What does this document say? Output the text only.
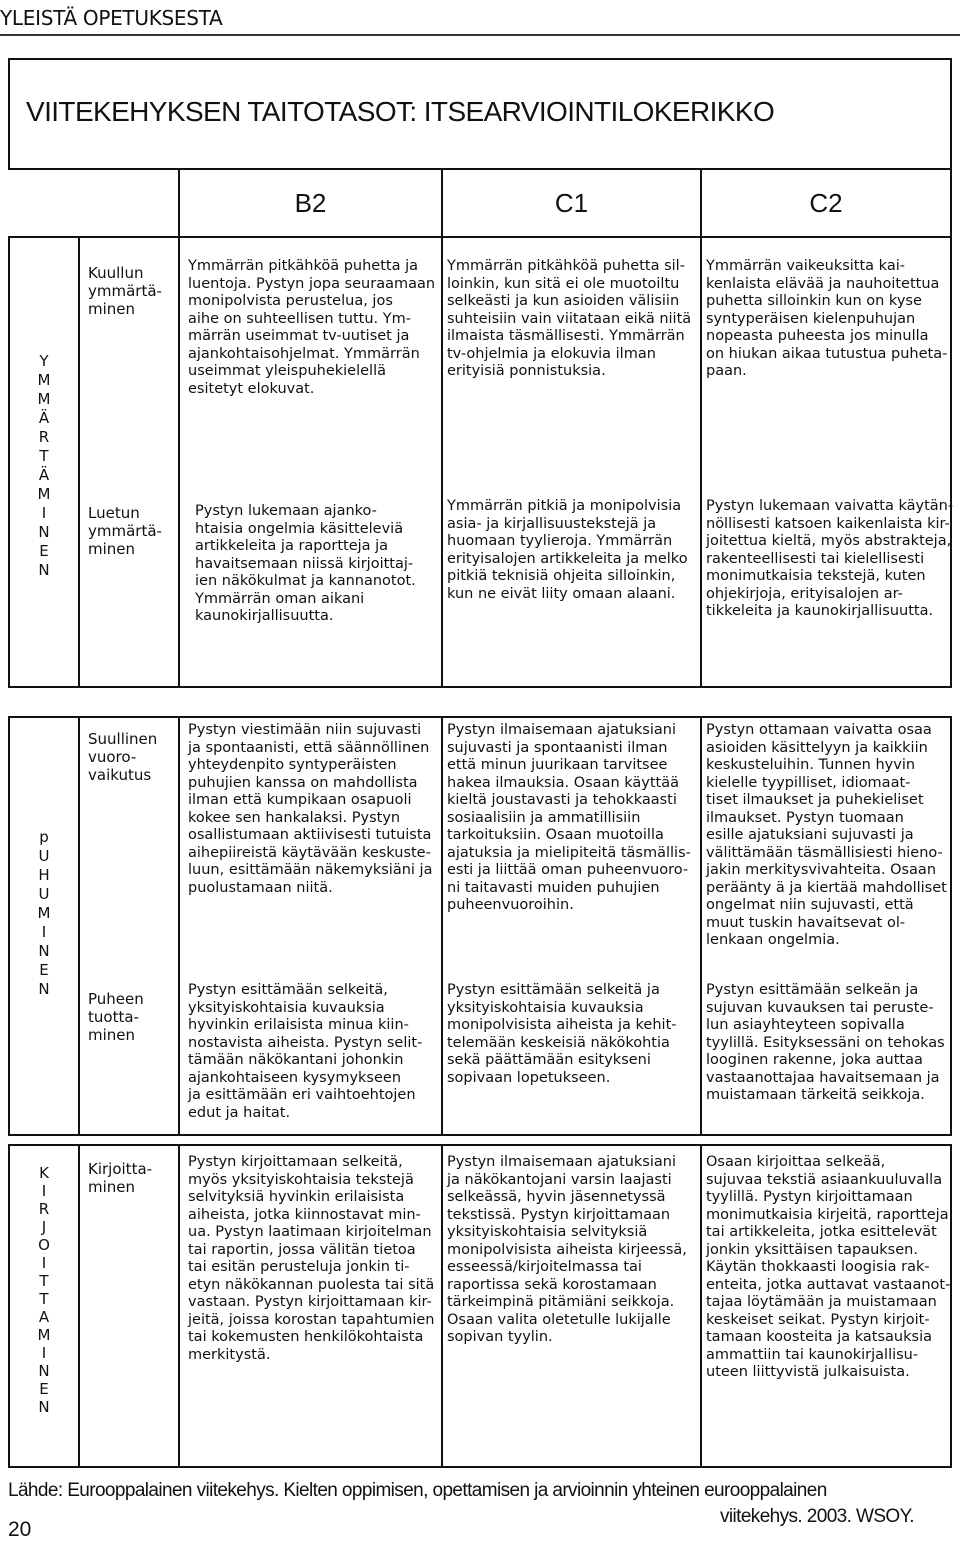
YLEISTÄ OPETUKSESTA
VIITEKEHYKSEN TAITOTASOT: ITSEARVIOINTILOKERIKKO
B2	C1	C2
Y
M
M
Ä
R
T
Ä
M
I
N
E
N
Kuullun
ymmärtä-
minen
Luetun
ymmärtä-
minen
Ymmärrän pitkähköä puhetta ja
luentoja. Pystyn jopa seuraamaan
monipolvista perustelua, jos
aihe on suhteellisen tuttu. Ym-
märrän useimmat tv-uutiset ja
ajankohtaisohjelmat. Ymmärrän
useimmat yleispuhekielellä
esitetyt elokuvat.
Ymmärrän pitkähköä puhetta sil-
loinkin, kun sitä ei ole muotoiltu
selkeästi ja kun asioiden välisiin
suhteisiin vain viitataan eikä niitä
ilmaista täsmällisesti. Ymmärrän
tv-ohjelmia ja elokuvia ilman
erityisiä ponnistuksia.
Ymmärrän vaikeuksitta kai-
kenlaista elävää ja nauhoitettua
puhetta silloinkin kun on kyse
syntyperäisen kielenpuhujan
nopeasta puheesta jos minulla
on hiukan aikaa tutustua puheta-
paan.
Pystyn lukemaan ajanko-
htaisia ongelmia käsitteleviä
artikkeleita ja raportteja ja
havaitsemaan niissä kirjoittaj-
ien näkökulmat ja kannanotot.
Ymmärrän oman aikani
kaunokirjallisuutta.
Ymmärrän pitkiä ja monipolvisia
asia- ja kirjallisuustekstejä ja
huomaan tyylieroja. Ymmärrän
erityisalojen artikkeleita ja melko
pitkiä teknisiä ohjeita silloinkin,
kun ne eivät liity omaan alaani.
Pystyn lukemaan vaivatta käytän-
nöllisesti katsoen kaikenlaista kir-
joitettua kieltä, myös abstrakteja,
rakenteellisesti tai kielellisesti
monimutkaisia tekstejä, kuten
ohjekirjoja, erityisalojen ar-
tikkeleita ja kaunokirjallisuutta.
p
U
H
U
M
I
N
E
N
Suullinen
vuoro-
vaikutus
Puheen
tuotta-
minen
Pystyn viestimään niin sujuvasti
ja spontaanisti, että säännöllinen
yhteydenpito syntyperäisten
puhujien kanssa on mahdollista
ilman että kumpikaan osapuoli
kokee sen hankalaksi. Pystyn
osallistumaan aktiivisesti tutuista
aihepiireistä käytävään keskuste-
luun, esittämään näkemyksiäni ja
puolustamaan niitä.
Pystyn ilmaisemaan ajatuksiani
sujuvasti ja spontaanisti ilman
että minun juurikaan tarvitsee
hakea ilmauksia. Osaan käyttää
kieltä joustavasti ja tehokkaasti
sosiaalisiin ja ammatillisiin
tarkoituksiin. Osaan muotoilla
ajatuksia ja mielipiteitä täsmällis-
esti ja liittää oman puheenvuoro-
ni taitavasti muiden puhujien
puheenvuoroihin.
Pystyn ottamaan vaivatta osaa
asioiden käsittelyyn ja kaikkiin
keskusteluihin. Tunnen hyvin
kielelle tyypilliset, idiomaat-
tiset ilmaukset ja puhekieliset
ilmaukset. Pystyn tuomaan
esille ajatuksiani sujuvasti ja
välittämään täsmällisiesti hieno-
jakin merkitysvivahteita. Osaan
peräänty ä ja kiertää mahdolliset
ongelmat niin sujuvasti, että
muut tuskin havaitsevat ol-
lenkaan ongelmia.
Pystyn esittämään selkeitä,
yksityiskohtaisia kuvauksia
hyvinkin erilaisista minua kiin-
nostavista aiheista. Pystyn selit-
tämään näkökantani johonkin
ajankohtaiseen kysymykseen
ja esittämään eri vaihtoehtojen
edut ja haitat.
Pystyn esittämään selkeitä ja
yksityiskohtaisia kuvauksia
monipolvisista aiheista ja kehit-
telemään keskeisiä näkökohtia
sekä päättämään esitykseni
sopivaan lopetukseen.
Pystyn esittämään selkeän ja
sujuvan kuvauksen tai peruste-
lun asiayhteyteen sopivalla
tyylillä. Esityksessäni on tehokas
looginen rakenne, joka auttaa
vastaanottajaa havaitsemaan ja
muistamaan tärkeitä seikkoja.
K
I
R
J
O
I
T
T
A
M
I
N
E
N
Kirjoitta-
minen
Pystyn kirjoittamaan selkeitä,
myös yksityiskohtaisia tekstejä
selvityksiä hyvinkin erilaisista
aiheista, jotka kiinnostavat min-
ua. Pystyn laatimaan kirjoitelman
tai raportin, jossa välitän tietoa
tai esitän perusteluja jonkin ti-
etyn näkökannan puolesta tai sitä
vastaan. Pystyn kirjoittamaan kir-
jeitä, joissa korostan tapahtumien
tai kokemusten henkilökohtaista
merkitystä.
Pystyn ilmaisemaan ajatuksiani
ja näkökantojani varsin laajasti
selkeässä, hyvin jäsennetyssä
tekstissä. Pystyn kirjoittamaan
yksityiskohtaisia selvityksiä
monipolvisista aiheista kirjeessä,
esseessä/kirjoitelmassa tai
raportissa sekä korostamaan
tärkeimpinä pitämiäni seikkoja.
Osaan valita oletetulle lukijalle
sopivan tyylin.
Osaan kirjoittaa selkeää,
sujuvaa tekstiä asiaankuuluvalla
tyylillä. Pystyn kirjoittamaan
monimutkaisia kirjeitä, raportteja
tai artikkeleita, jotka esittelevät
jonkin yksittäisen tapauksen.
Käytän thokkaasti loogisia rak-
enteita, jotka auttavat vastaanot-
tajaa löytämään ja muistamaan
keskeiset seikat. Pystyn kirjoit-
tamaan koosteita ja katsauksia
ammattiin tai kaunokirjallisu-
uteen liittyvistä julkaisuista.
Lähde: Eurooppalainen viitekehys. Kielten oppimisen, opettamisen ja arvioinnin yhteinen eurooppalainen
viitekehys. 2003. WSOY.
20
